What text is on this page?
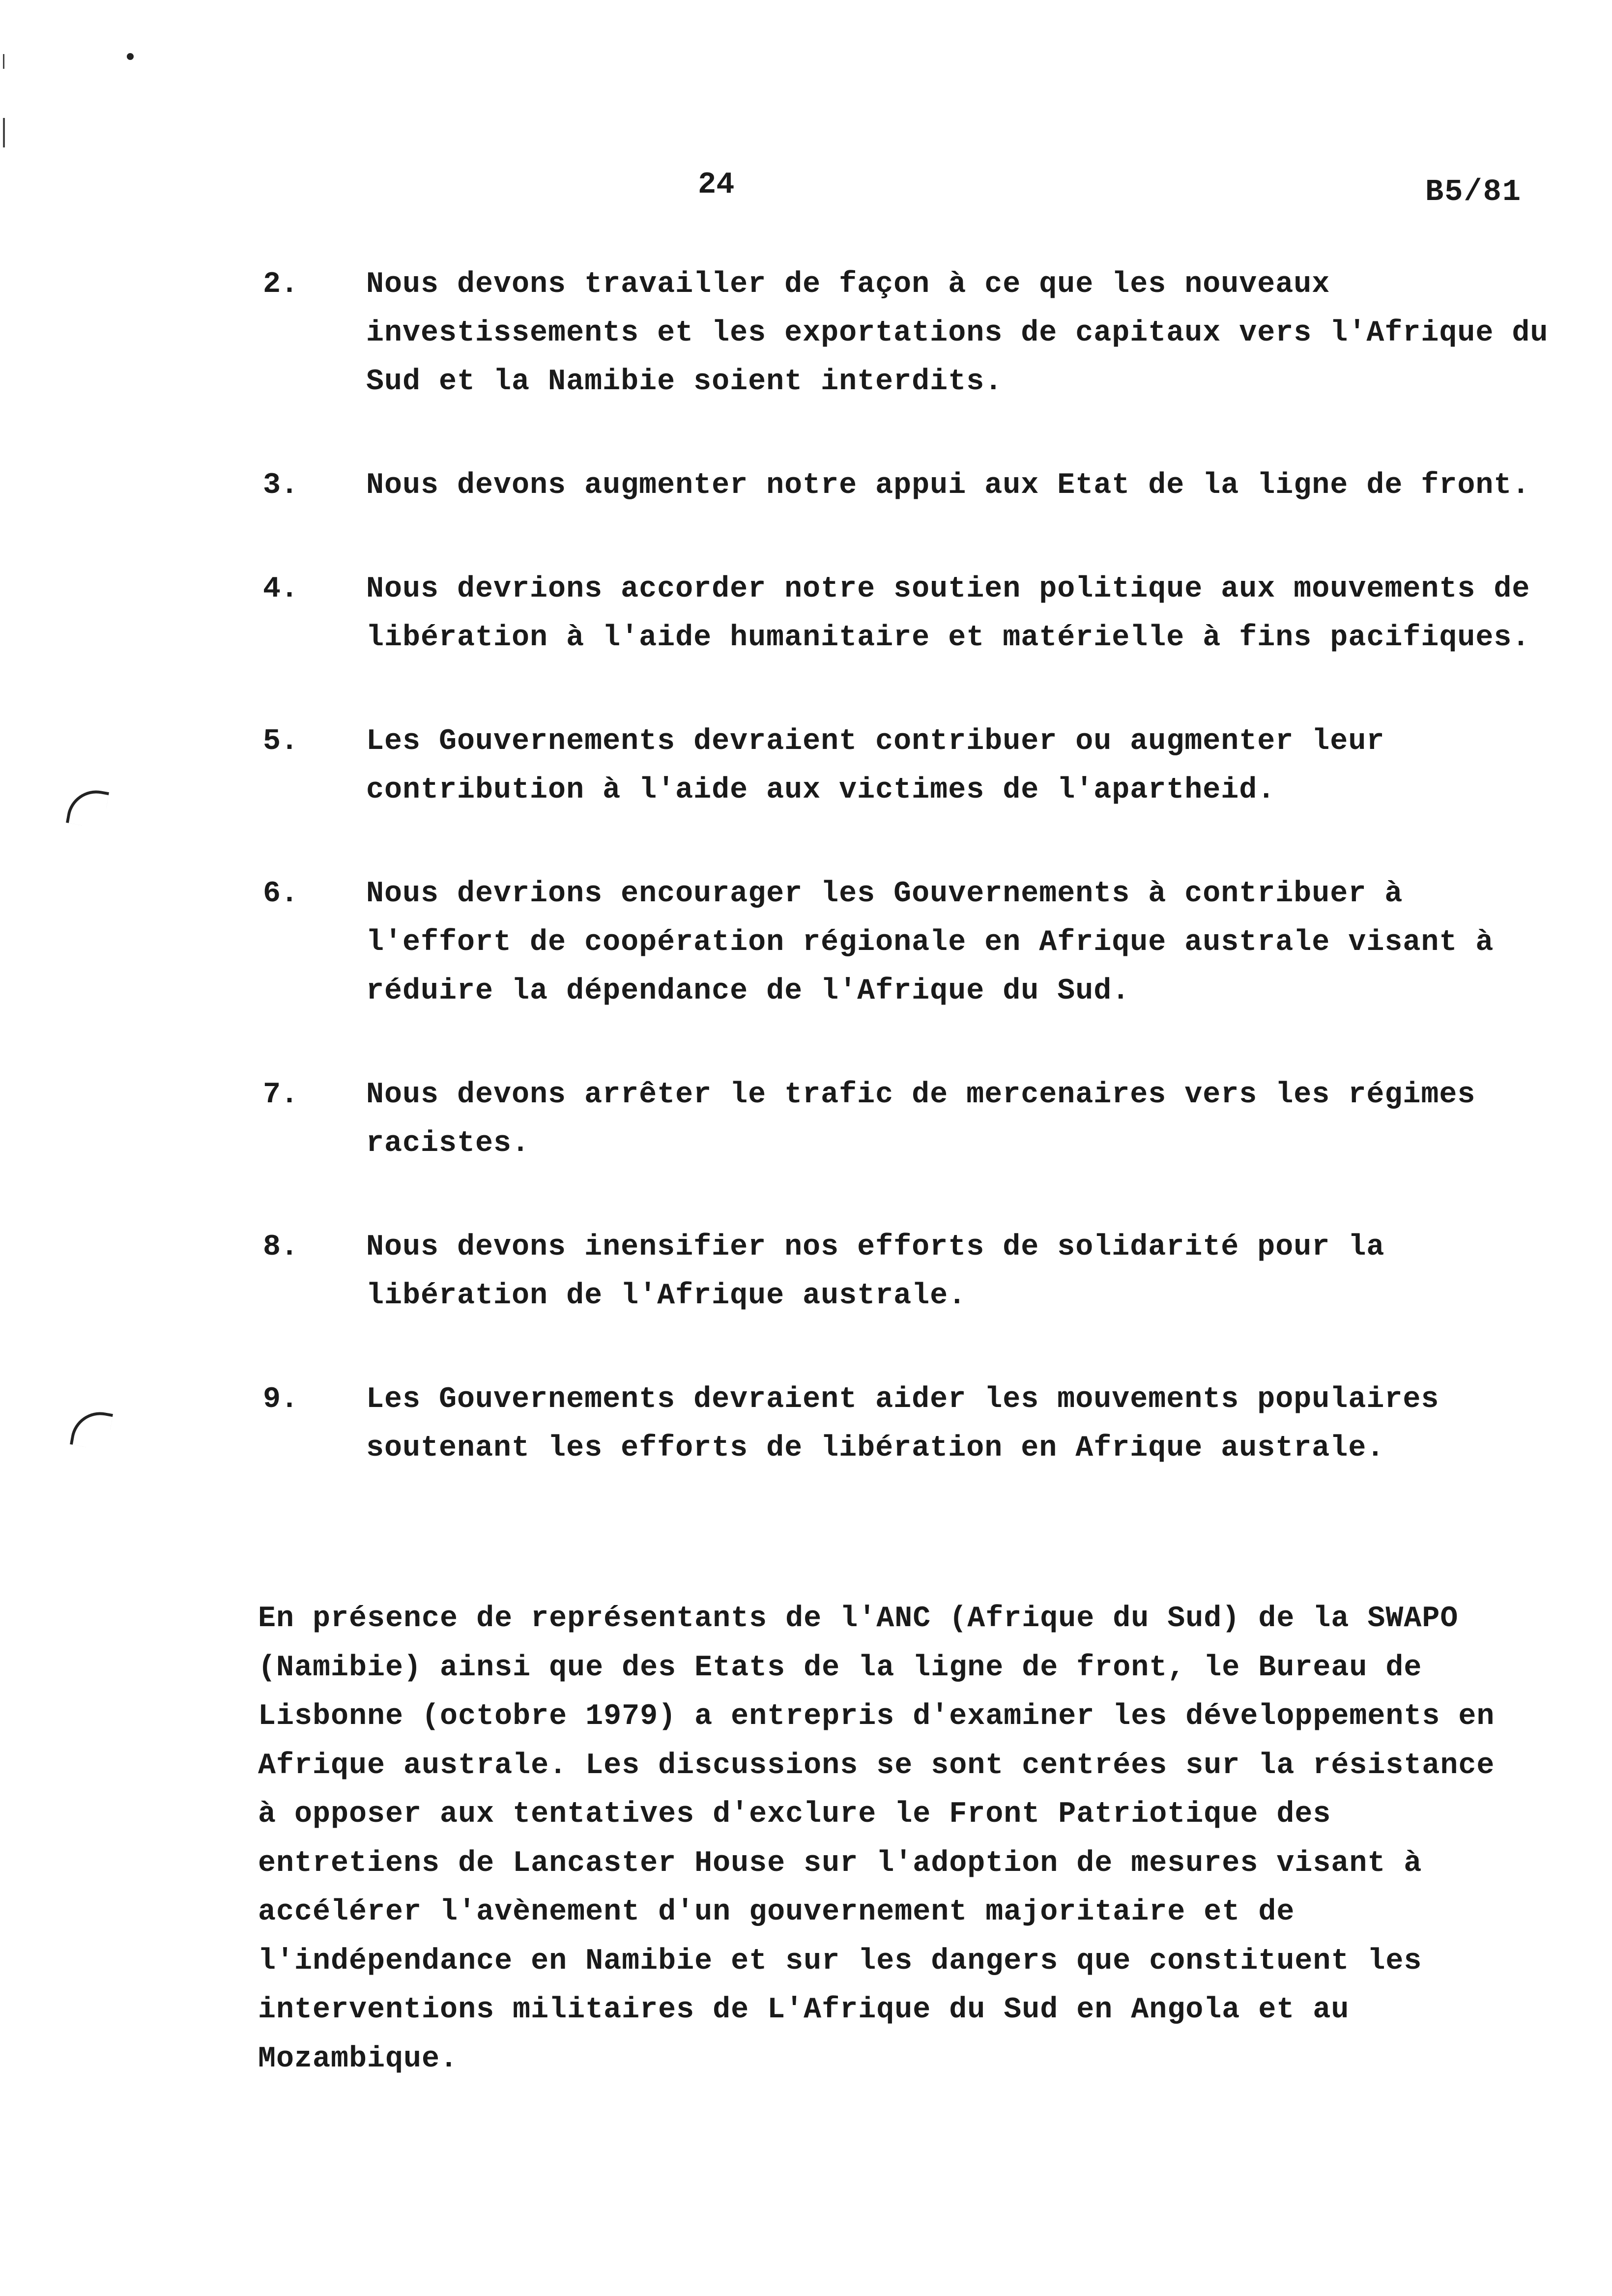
24	B5/81
2.	Nous devons travailler de façon à ce que les nouveaux investissements et les exportations de capitaux vers l'Afrique du Sud et la Namibie soient interdits.
3.	Nous devons augmenter notre appui aux Etat de la ligne de front.
4.	Nous devrions accorder notre soutien politique aux mouvements de libération à l'aide humanitaire et matérielle à fins pacifiques.
5.	Les Gouvernements devraient contribuer ou augmenter leur contribution à l'aide aux victimes de l'apartheid.
6.	Nous devrions encourager les Gouvernements à contribuer à l'effort de coopération régionale en Afrique australe visant à réduire la dépendance de l'Afrique du Sud.
7.	Nous devons arrêter le trafic de mercenaires vers les régimes racistes.
8.	Nous devons inensifier nos efforts de solidarité pour la libération de l'Afrique australe.
9.	Les Gouvernements devraient aider les mouvements populaires soutenant les efforts de libération en Afrique australe.
En présence de représentants de l'ANC (Afrique du Sud) de la SWAPO (Namibie) ainsi que des Etats de la ligne de front, le Bureau de Lisbonne (octobre 1979) a entrepris d'examiner les développements en Afrique australe. Les discussions se sont centrées sur la résistance à opposer aux tentatives d'exclure le Front Patriotique des entretiens de Lancaster House sur l'adoption de mesures visant à accélérer l'avènement d'un gouvernement majoritaire et de l'indépendance en Namibie et sur les dangers que constituent les interventions militaires de L'Afrique du Sud en Angola et au Mozambique.
